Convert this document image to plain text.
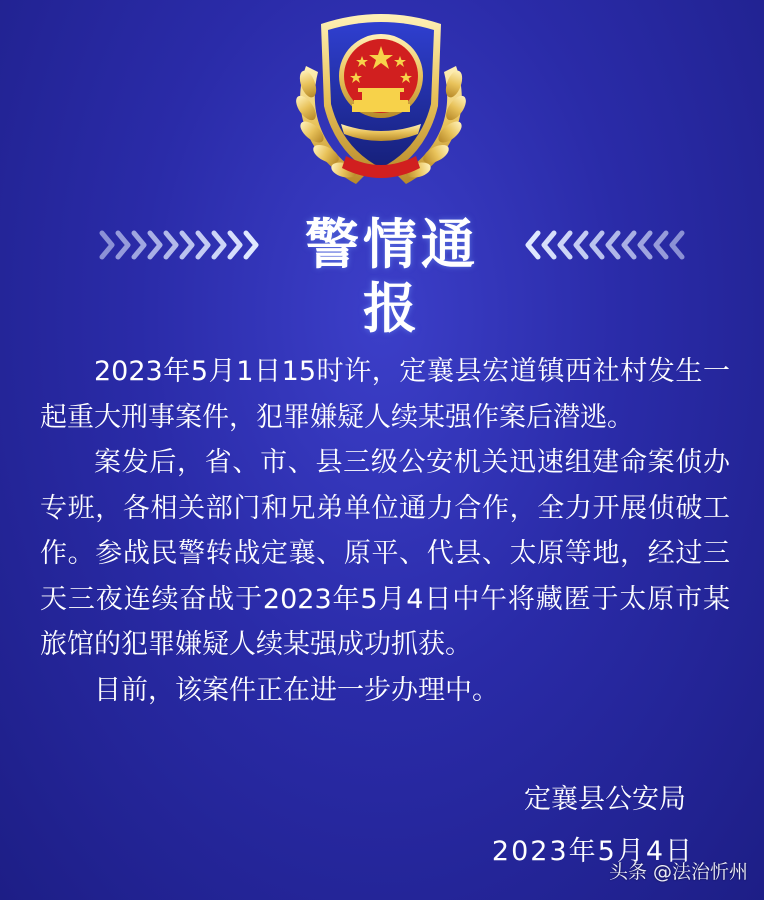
警情通报

2023年5月1日15时许，定襄县宏道镇西社村发生一起重大刑事案件，犯罪嫌疑人续某强作案后潜逃。

案发后，省、市、县三级公安机关迅速组建命案侦办专班，各相关部门和兄弟单位通力合作，全力开展侦破工作。参战民警转战定襄、原平、代县、太原等地，经过三天三夜连续奋战于2023年5月4日中午将藏匿于太原市某旅馆的犯罪嫌疑人续某强成功抓获。

目前，该案件正在进一步办理中。

定襄县公安局
2023年5月4日
头条 @法治忻州
